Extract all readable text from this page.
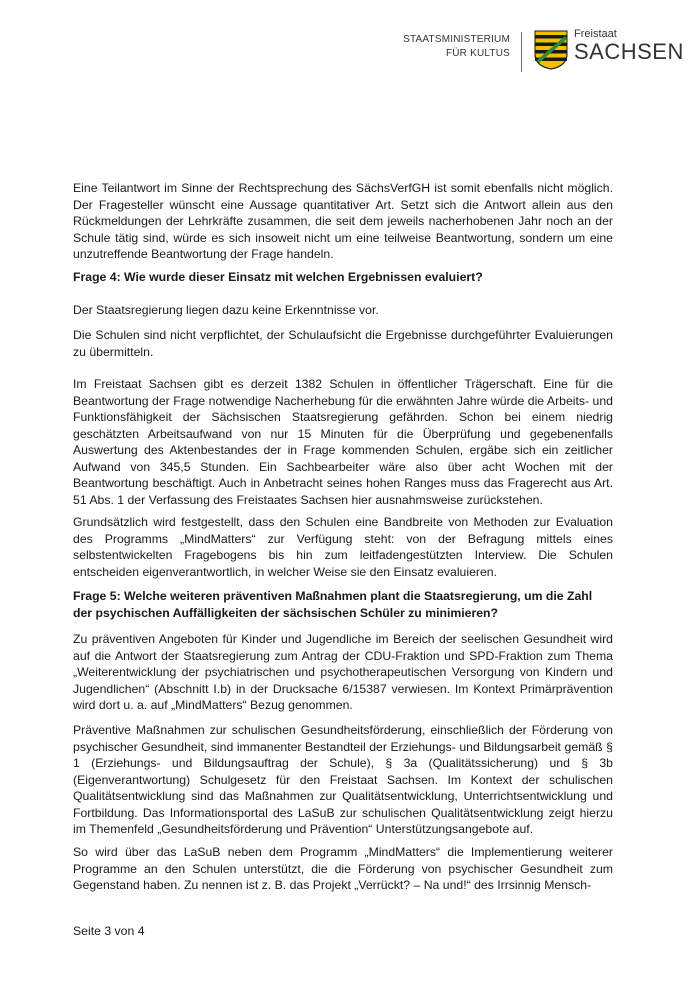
STAATSMINISTERIUM
FÜR KULTUS
Freistaat
SACHSEN

Eine Teilantwort im Sinne der Rechtsprechung des SächsVerfGH ist somit ebenfalls nicht möglich. Der Fragesteller wünscht eine Aussage quantitativer Art. Setzt sich die Antwort allein aus den Rückmeldungen der Lehrkräfte zusammen, die seit dem jeweils nacherhobenen Jahr noch an der Schule tätig sind, würde es sich insoweit nicht um eine teilweise Beantwortung, sondern um eine unzutreffende Beantwortung der Frage handeln.

Frage 4: Wie wurde dieser Einsatz mit welchen Ergebnissen evaluiert?

Der Staatsregierung liegen dazu keine Erkenntnisse vor.

Die Schulen sind nicht verpflichtet, der Schulaufsicht die Ergebnisse durchgeführter Evaluierungen zu übermitteln.

Im Freistaat Sachsen gibt es derzeit 1382 Schulen in öffentlicher Trägerschaft. Eine für die Beantwortung der Frage notwendige Nacherhebung für die erwähnten Jahre würde die Arbeits- und Funktionsfähigkeit der Sächsischen Staatsregierung gefährden. Schon bei einem niedrig geschätzten Arbeitsaufwand von nur 15 Minuten für die Überprüfung und gegebenenfalls Auswertung des Aktenbestandes der in Frage kommenden Schulen, ergäbe sich ein zeitlicher Aufwand von 345,5 Stunden. Ein Sachbearbeiter wäre also über acht Wochen mit der Beantwortung beschäftigt. Auch in Anbetracht seines hohen Ranges muss das Fragerecht aus Art. 51 Abs. 1 der Verfassung des Freistaates Sachsen hier ausnahmsweise zurückstehen.

Grundsätzlich wird festgestellt, dass den Schulen eine Bandbreite von Methoden zur Evaluation des Programms „MindMatters“ zur Verfügung steht: von der Befragung mittels eines selbstentwickelten Fragebogens bis hin zum leitfadengestützten Interview. Die Schulen entscheiden eigenverantwortlich, in welcher Weise sie den Einsatz evaluieren.

Frage 5: Welche weiteren präventiven Maßnahmen plant die Staatsregierung, um die Zahl der psychischen Auffälligkeiten der sächsischen Schüler zu minimieren?

Zu präventiven Angeboten für Kinder und Jugendliche im Bereich der seelischen Gesundheit wird auf die Antwort der Staatsregierung zum Antrag der CDU-Fraktion und SPD-Fraktion zum Thema „Weiterentwicklung der psychiatrischen und psychotherapeutischen Versorgung von Kindern und Jugendlichen“ (Abschnitt I.b) in der Drucksache 6/15387 verwiesen. Im Kontext Primärprävention wird dort u. a. auf „MindMatters“ Bezug genommen.

Präventive Maßnahmen zur schulischen Gesundheitsförderung, einschließlich der Förderung von psychischer Gesundheit, sind immanenter Bestandteil der Erziehungs- und Bildungsarbeit gemäß § 1 (Erziehungs- und Bildungsauftrag der Schule), § 3a (Qualitätssicherung) und § 3b (Eigenverantwortung) Schulgesetz für den Freistaat Sachsen. Im Kontext der schulischen Qualitätsentwicklung sind das Maßnahmen zur Qualitätsentwicklung, Unterrichtsentwicklung und Fortbildung. Das Informationsportal des LaSuB zur schulischen Qualitätsentwicklung zeigt hierzu im Themenfeld „Gesundheitsförderung und Prävention“ Unterstützungsangebote auf.

So wird über das LaSuB neben dem Programm „MindMatters“ die Implementierung weiterer Programme an den Schulen unterstützt, die die Förderung von psychischer Gesundheit zum Gegenstand haben. Zu nennen ist z. B. das Projekt „Verrückt? – Na und!“ des Irrsinnig Mensch-

Seite 3 von 4
